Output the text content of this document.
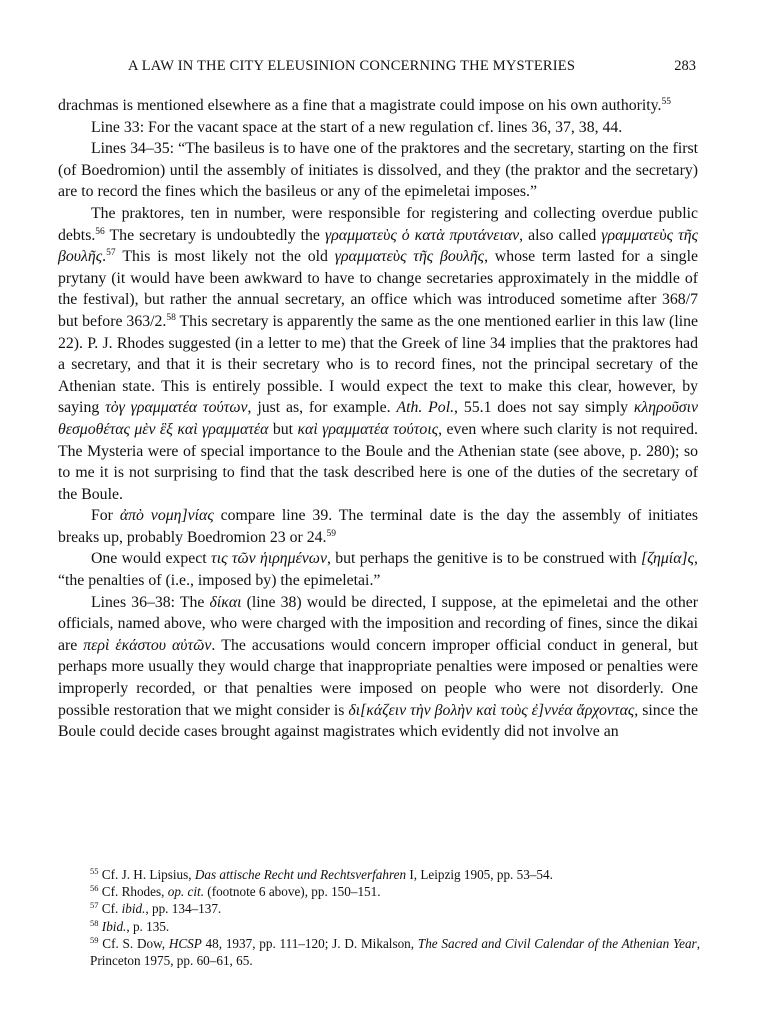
A LAW IN THE CITY ELEUSINION CONCERNING THE MYSTERIES	283

drachmas is mentioned elsewhere as a fine that a magistrate could impose on his own authority.$^{55}$

Line 33: For the vacant space at the start of a new regulation cf. lines 36, 37, 38, 44.

Lines 34–35: “The basileus is to have one of the praktores and the secretary, starting on the first (of Boedromion) until the assembly of initiates is dissolved, and they (the praktor and the secretary) are to record the fines which the basileus or any of the epimeletai imposes.”

The praktores, ten in number, were responsible for registering and collecting overdue public debts.$^{56}$ The secretary is undoubtedly the γραμματεὺς ὁ κατὰ πρυτάνειαν, also called γραμματεὺς τῆς βουλῆς.$^{57}$ This is most likely not the old γραμματεὺς τῆς βουλῆς, whose term lasted for a single prytany (it would have been awkward to have to change secretaries approximately in the middle of the festival), but rather the annual secretary, an office which was introduced sometime after 368/7 but before 363/2.58 This secretary is apparently the same as the one mentioned earlier in this law (line 22). P. J. Rhodes suggested (in a letter to me) that the Greek of line 34 implies that the praktores had a secretary, and that it is their secretary who is to record fines, not the principal secretary of the Athenian state. This is entirely possible. I would expect the text to make this clear, however, by saying τὸγ γραμματέα τούτων, just as, for example. Ath. Pol., 55.1 does not say simply κληροῦσιν θεσμοθέτας μὲν ἓξ καὶ γραμματέα but καὶ γραμματέα τούτοις, even where such clarity is not required. The Mysteria were of special importance to the Boule and the Athenian state (see above, p. 280); so to me it is not surprising to find that the task described here is one of the duties of the secretary of the Boule.

For ἀπὸ νομη]νίας compare line 39. The terminal date is the day the assembly of initiates breaks up, probably Boedromion 23 or 24.59

One would expect τις τῶν ἡιρημένων, but perhaps the genitive is to be construed with [ζημία]ς, “the penalties of (i.e., imposed by) the epimeletai.”

Lines 36–38: The δίκαι (line 38) would be directed, I suppose, at the epimeletai and the other officials, named above, who were charged with the imposition and recording of fines, since the dikai are περὶ ἑκάστου αὐτῶν. The accusations would concern improper official conduct in general, but perhaps more usually they would charge that inappropriate penalties were imposed or penalties were improperly recorded, or that penalties were imposed on people who were not disorderly. One possible restoration that we might consider is δι[κάζειν τὴν βολὴν καὶ τοὺς ἐ]ννέα ἄρχοντας, since the Boule could decide cases brought against magistrates which evidently did not involve an

$^{55}$ Cf. J. H. Lipsius, Das attische Recht und Rechtsverfahren I, Leipzig 1905, pp. 53–54.

$^{56}$ Cf. Rhodes, op. cit. (footnote 6 above), pp. 150–151.

$^{57}$ Cf. ibid., pp. 134–137.

$^{58}$ Ibid., p. 135.

$^{59}$ Cf. S. Dow, HCSP 48, 1937, pp. 111–120; J. D. Mikalson, The Sacred and Civil Calendar of the Athenian Year, Princeton 1975, pp. 60–61, 65.
